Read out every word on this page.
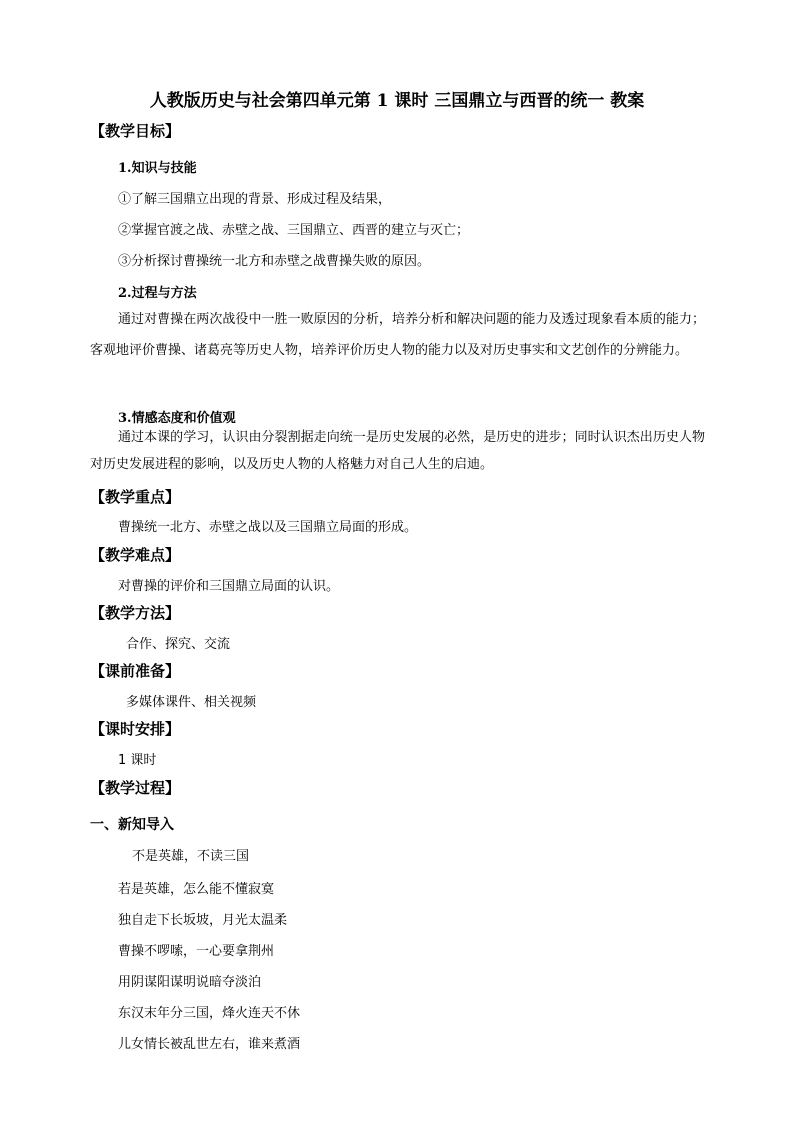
人教版历史与社会第四单元第 1 课时 三国鼎立与西晋的统一 教案
【教学目标】
1.知识与技能
①了解三国鼎立出现的背景、形成过程及结果，
②掌握官渡之战、赤壁之战、三国鼎立、西晋的建立与灭亡；
③分析探讨曹操统一北方和赤壁之战曹操失败的原因。
2.过程与方法
通过对曹操在两次战役中一胜一败原因的分析，培养分析和解决问题的能力及透过现象看本质的能力；客观地评价曹操、诸葛亮等历史人物，培养评价历史人物的能力以及对历史事实和文艺创作的分辨能力。
3.情感态度和价值观
通过本课的学习，认识由分裂割据走向统一是历史发展的必然，是历史的进步；同时认识杰出历史人物对历史发展进程的影响，以及历史人物的人格魅力对自己人生的启迪。
【教学重点】
曹操统一北方、赤壁之战以及三国鼎立局面的形成。
【教学难点】
对曹操的评价和三国鼎立局面的认识。
【教学方法】
合作、探究、交流
【课前准备】
多媒体课件、相关视频
【课时安排】
1 课时
【教学过程】
一、新知导入
不是英雄，不读三国
若是英雄，怎么能不懂寂寞
独自走下长坂坡，月光太温柔
曹操不啰嗦，一心要拿荆州
用阴谋阳谋明说暗夺淡泊
东汉末年分三国，烽火连天不休
儿女情长被乱世左右，谁来煮酒
